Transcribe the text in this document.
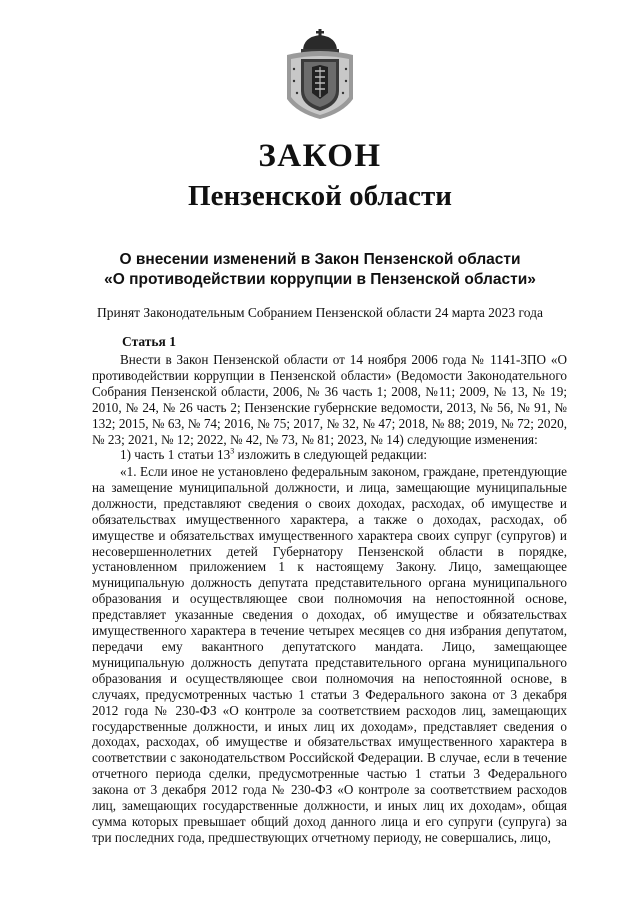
ЗАКОН
Пензенской области
О внесении изменений в Закон Пензенской области
«О противодействии коррупции в Пензенской области»
Принят Законодательным Собранием Пензенской области 24 марта 2023 года
Статья 1

Внести в Закон Пензенской области от 14 ноября 2006 года № 1141-ЗПО «О противодействии коррупции в Пензенской области» (Ведомости Законодательного Собрания Пензенской области, 2006, № 36 часть 1; 2008, №11; 2009, № 13, № 19; 2010, № 24, № 26 часть 2; Пензенские губернские ведомости, 2013, № 56, № 91, № 132; 2015, № 63, № 74; 2016, № 75; 2017, № 32, № 47; 2018, № 88; 2019, № 72; 2020, № 23; 2021, № 12; 2022, № 42, № 73, № 81; 2023, № 14) следующие изменения:

1) часть 1 статьи $13^3$ изложить в следующей редакции:

«1. Если иное не установлено федеральным законом, граждане, претендующие на замещение муниципальной должности, и лица, замещающие муниципальные должности, представляют сведения о своих доходах, расходах, об имуществе и обязательствах имущественного характера, а также о доходах, расходах, об имуществе и обязательствах имущественного характера своих супруг (супругов) и несовершеннолетних детей Губернатору Пензенской области в порядке, установленном приложением 1 к настоящему Закону. Лицо, замещающее муниципальную должность депутата представительного органа муниципального образования и осуществляющее свои полномочия на непостоянной основе, представляет указанные сведения о доходах, об имуществе и обязательствах имущественного характера в течение четырех месяцев со дня избрания депутатом, передачи ему вакантного депутатского мандата. Лицо, замещающее муниципальную должность депутата представительного органа муниципального образования и осуществляющее свои полномочия на непостоянной основе, в случаях, предусмотренных частью 1 статьи 3 Федерального закона от 3 декабря 2012 года № 230-ФЗ «О контроле за соответствием расходов лиц, замещающих государственные должности, и иных лиц их доходам», представляет сведения о доходах, расходах, об имуществе и обязательствах имущественного характера в соответствии с законодательством Российской Федерации. В случае, если в течение отчетного периода сделки, предусмотренные частью 1 статьи 3 Федерального закона от 3 декабря 2012 года № 230-ФЗ «О контроле за соответствием расходов лиц, замещающих государственные должности, и иных лиц их доходам», общая сумма которых превышает общий доход данного лица и его супруги (супруга) за три последних года, предшествующих отчетному периоду, не совершались, лицо,
